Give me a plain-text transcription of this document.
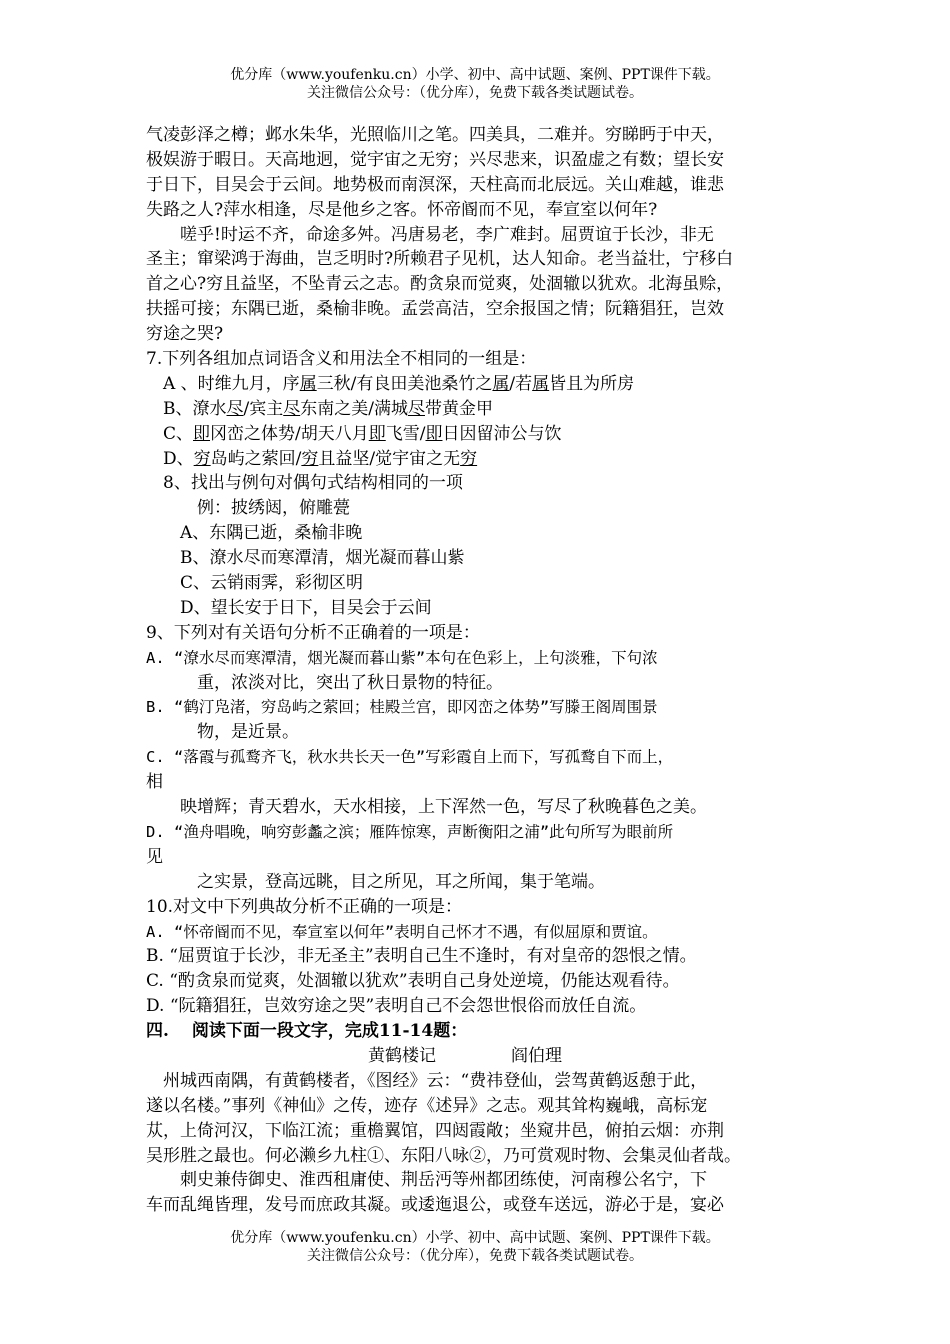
优分库（www.youfenku.cn）小学、初中、高中试题、案例、PPT课件下载。
关注微信公众号：（优分库），免费下载各类试题试卷。
气凌彭泽之樽；邺水朱华，光照临川之笔。四美具，二难并。穷睇眄于中天，
极娱游于暇日。天高地迥，觉宇宙之无穷；兴尽悲来，识盈虚之有数；望长安
于日下，目吴会于云间。地势极而南溟深，天柱高而北辰远。关山难越，谁悲
失路之人?萍水相逢，尽是他乡之客。怀帝阍而不见，奉宣室以何年?
　　嗟乎!时运不齐，命途多舛。冯唐易老，李广难封。屈贾谊于长沙，非无
圣主；窜梁鸿于海曲，岂乏明时?所赖君子见机，达人知命。老当益壮，宁移白
首之心?穷且益坚，不坠青云之志。酌贪泉而觉爽，处涸辙以犹欢。北海虽赊，
扶摇可接；东隅已逝，桑榆非晚。孟尝高洁，空余报国之情；阮籍猖狂，岂效
穷途之哭?
7.下列各组加点词语含义和用法全不相同的一组是：
　A 、时维九月，序属三秋/有良田美池桑竹之属/若属皆且为所房
　B、潦水尽/宾主尽东南之美/满城尽带黄金甲
　C、即冈峦之体势/胡天八月即飞雪/即日因留沛公与饮
　D、穷岛屿之萦回/穷且益坚/觉宇宙之无穷
　8、找出与例句对偶句式结构相同的一项
　　　例：披绣闼，俯雕甍
　　A、东隅已逝，桑榆非晚
　　B、潦水尽而寒潭清，烟光凝而暮山紫
　　C、云销雨霁，彩彻区明
　　D、望长安于日下，目吴会于云间
9、下列对有关语句分析不正确着的一项是：
A. “潦水尽而寒潭清，烟光凝而暮山紫”本句在色彩上，上句淡雅，下句浓
　　　重，浓淡对比，突出了秋日景物的特征。
B. “鹤汀凫渚，穷岛屿之萦回；桂殿兰宫，即冈峦之体势”写滕王阁周围景
　　　物，是近景。
C. “落霞与孤鹜齐飞，秋水共长天一色”写彩霞自上而下，写孤鹜自下而上，
相
　　映增辉；青天碧水，天水相接，上下浑然一色，写尽了秋晚暮色之美。
D. “渔舟唱晚，响穷彭蠡之滨；雁阵惊寒，声断衡阳之浦”此句所写为眼前所
见
　　　之实景，登高远眺，目之所见，耳之所闻，集于笔端。
10.对文中下列典故分析不正确的一项是：
A. “怀帝阍而不见，奉宣室以何年”表明自己怀才不遇，有似屈原和贾谊。
B. “屈贾谊于长沙，非无圣主”表明自己生不逢时，有对皇帝的怨恨之情。
C. “酌贪泉而觉爽，处涸辙以犹欢”表明自己身处逆境，仍能达观看待。
D. “阮籍猖狂，岂效穷途之哭”表明自己不会怨世恨俗而放任自流。
四.　 阅读下面一段文字，完成11-14题：
黄鹤楼记	阎伯理
　州城西南隅，有黄鹤楼者，《图经》云：“费祎登仙，尝驾黄鹤返憩于此，
遂以名楼。”事列《神仙》之传，迹存《述异》之志。观其耸构巍峨，高标宠
苁，上倚河汉，下临江流；重檐翼馆，四闼霞敞；坐窥井邑，俯拍云烟：亦荆
吴形胜之最也。何必濑乡九柱①、东阳八咏②，乃可赏观时物、会集灵仙者哉。
　　刺史兼侍御史、淮西租庸使、荆岳沔等州都团练使，河南穆公名宁，下
车而乱绳皆理，发号而庶政其凝。或逶迤退公，或登车送远，游必于是，宴必
优分库（www.youfenku.cn）小学、初中、高中试题、案例、PPT课件下载。
关注微信公众号：（优分库），免费下载各类试题试卷。
